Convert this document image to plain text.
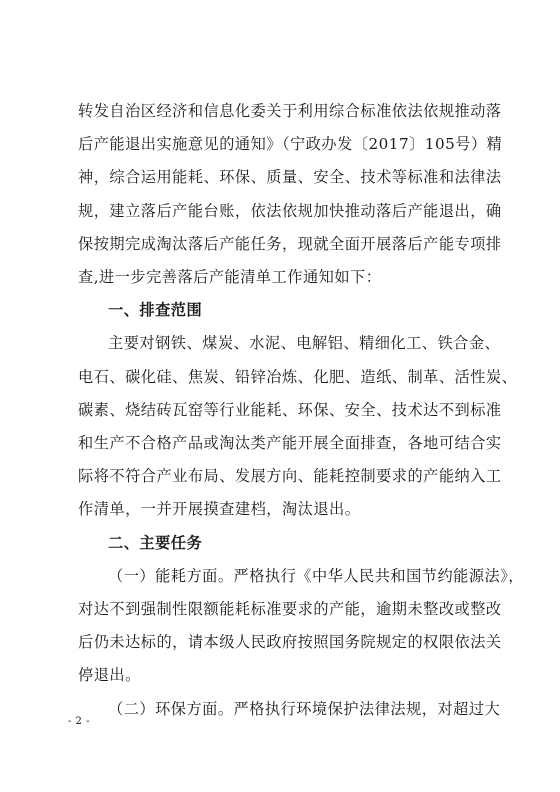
- 2 -
转发自治区经济和信息化委关于利用综合标准依法依规推动落
后产能退出实施意见的通知》（宁政办发〔2017〕105号）精
神，综合运用能耗、环保、质量、安全、技术等标准和法律法
规，建立落后产能台账，依法依规加快推动落后产能退出，确
保按期完成淘汰落后产能任务，现就全面开展落后产能专项排
查,进一步完善落后产能清单工作通知如下：
一、排查范围
主要对钢铁、煤炭、水泥、电解铝、精细化工、铁合金、
电石、碳化硅、焦炭、铅锌冶炼、化肥、造纸、制革、活性炭、
碳素、烧结砖瓦窑等行业能耗、环保、安全、技术达不到标准
和生产不合格产品或淘汰类产能开展全面排查，各地可结合实
际将不符合产业布局、发展方向、能耗控制要求的产能纳入工
作清单，一并开展摸查建档，淘汰退出。
二、主要任务
（一）能耗方面。严格执行《中华人民共和国节约能源法》，
对达不到强制性限额能耗标准要求的产能，逾期未整改或整改
后仍未达标的，请本级人民政府按照国务院规定的权限依法关
停退出。
（二）环保方面。严格执行环境保护法律法规，对超过大
